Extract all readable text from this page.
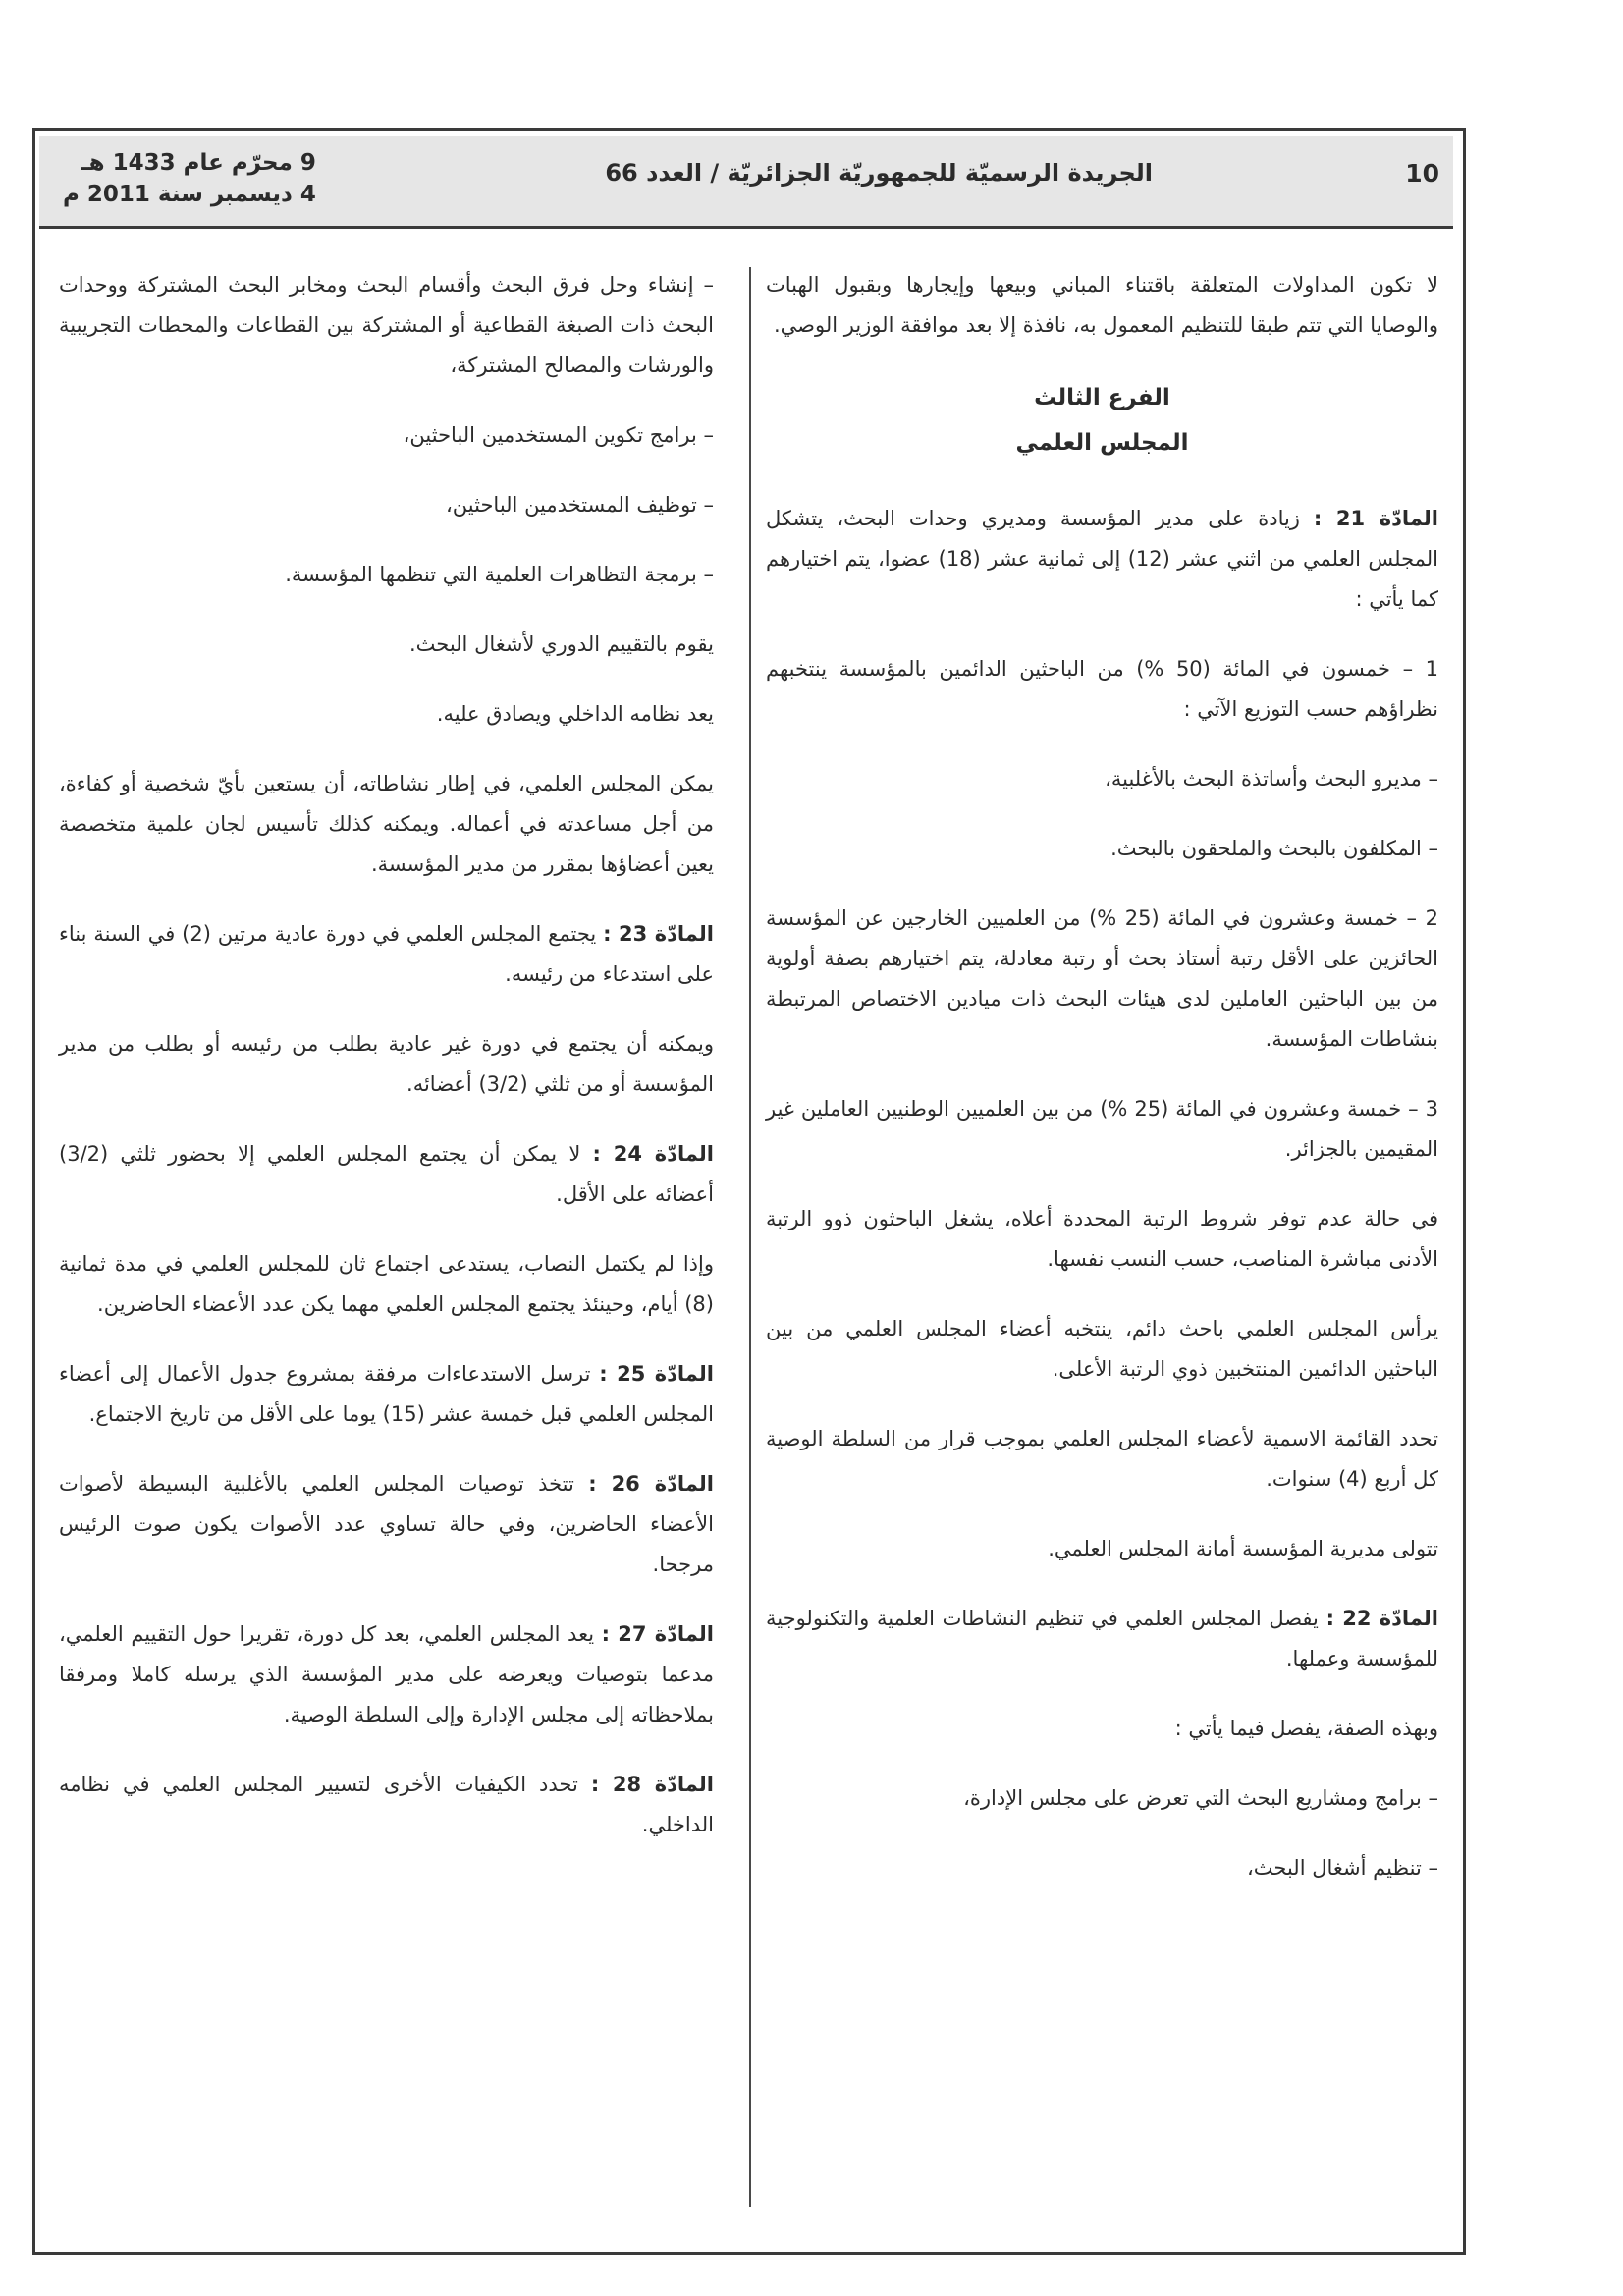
10
الجريدة الرسميّة للجمهوريّة الجزائريّة / العدد 66
9 محرّم عام 1433 هـ
4 ديسمبر سنة 2011 م

لا تكون المداولات المتعلقة باقتناء المباني وبيعها وإيجارها وبقبول الهبات والوصايا التي تتم طبقا للتنظيم المعمول به، نافذة إلا بعد موافقة الوزير الوصي.

الفرع الثالث
المجلس العلمي

المادّة 21 : زيادة على مدير المؤسسة ومديري وحدات البحث، يتشكل المجلس العلمي من اثني عشر (12) إلى ثمانية عشر (18) عضوا، يتم اختيارهم كما يأتي :

1 – خمسون في المائة (50 %) من الباحثين الدائمين بالمؤسسة ينتخبهم نظراؤهم حسب التوزيع الآتي :

– مديرو البحث وأساتذة البحث بالأغلبية،

– المكلفون بالبحث والملحقون بالبحث.

2 – خمسة وعشرون في المائة (25 %) من العلميين الخارجين عن المؤسسة الحائزين على الأقل رتبة أستاذ بحث أو رتبة معادلة، يتم اختيارهم بصفة أولوية من بين الباحثين العاملين لدى هيئات البحث ذات ميادين الاختصاص المرتبطة بنشاطات المؤسسة.

3 – خمسة وعشرون في المائة (25 %) من بين العلميين الوطنيين العاملين غير المقيمين بالجزائر.

في حالة عدم توفر شروط الرتبة المحددة أعلاه، يشغل الباحثون ذوو الرتبة الأدنى مباشرة المناصب، حسب النسب نفسها.

يرأس المجلس العلمي باحث دائم، ينتخبه أعضاء المجلس العلمي من بين الباحثين الدائمين المنتخبين ذوي الرتبة الأعلى.

تحدد القائمة الاسمية لأعضاء المجلس العلمي بموجب قرار من السلطة الوصية كل أربع (4) سنوات.

تتولى مديرية المؤسسة أمانة المجلس العلمي.

المادّة 22 : يفصل المجلس العلمي في تنظيم النشاطات العلمية والتكنولوجية للمؤسسة وعملها.

وبهذه الصفة، يفصل فيما يأتي :

– برامج ومشاريع البحث التي تعرض على مجلس الإدارة،

– تنظيم أشغال البحث،

– إنشاء وحل فرق البحث وأقسام البحث ومخابر البحث المشتركة ووحدات البحث ذات الصبغة القطاعية أو المشتركة بين القطاعات والمحطات التجريبية والورشات والمصالح المشتركة،

– برامج تكوين المستخدمين الباحثين،

– توظيف المستخدمين الباحثين،

– برمجة التظاهرات العلمية التي تنظمها المؤسسة.

يقوم بالتقييم الدوري لأشغال البحث.

يعد نظامه الداخلي ويصادق عليه.

يمكن المجلس العلمي، في إطار نشاطاته، أن يستعين بأيّ شخصية أو كفاءة، من أجل مساعدته في أعماله. ويمكنه كذلك تأسيس لجان علمية متخصصة يعين أعضاؤها بمقرر من مدير المؤسسة.

المادّة 23 : يجتمع المجلس العلمي في دورة عادية مرتين (2) في السنة بناء على استدعاء من رئيسه.

ويمكنه أن يجتمع في دورة غير عادية بطلب من رئيسه أو بطلب من مدير المؤسسة أو من ثلثي (3/2) أعضائه.

المادّة 24 : لا يمكن أن يجتمع المجلس العلمي إلا بحضور ثلثي (3/2) أعضائه على الأقل.

وإذا لم يكتمل النصاب، يستدعى اجتماع ثان للمجلس العلمي في مدة ثمانية (8) أيام، وحينئذ يجتمع المجلس العلمي مهما يكن عدد الأعضاء الحاضرين.

المادّة 25 : ترسل الاستدعاءات مرفقة بمشروع جدول الأعمال إلى أعضاء المجلس العلمي قبل خمسة عشر (15) يوما على الأقل من تاريخ الاجتماع.

المادّة 26 : تتخذ توصيات المجلس العلمي بالأغلبية البسيطة لأصوات الأعضاء الحاضرين، وفي حالة تساوي عدد الأصوات يكون صوت الرئيس مرجحا.

المادّة 27 : يعد المجلس العلمي، بعد كل دورة، تقريرا حول التقييم العلمي، مدعما بتوصيات ويعرضه على مدير المؤسسة الذي يرسله كاملا ومرفقا بملاحظاته إلى مجلس الإدارة وإلى السلطة الوصية.

المادّة 28 : تحدد الكيفيات الأخرى لتسيير المجلس العلمي في نظامه الداخلي.
